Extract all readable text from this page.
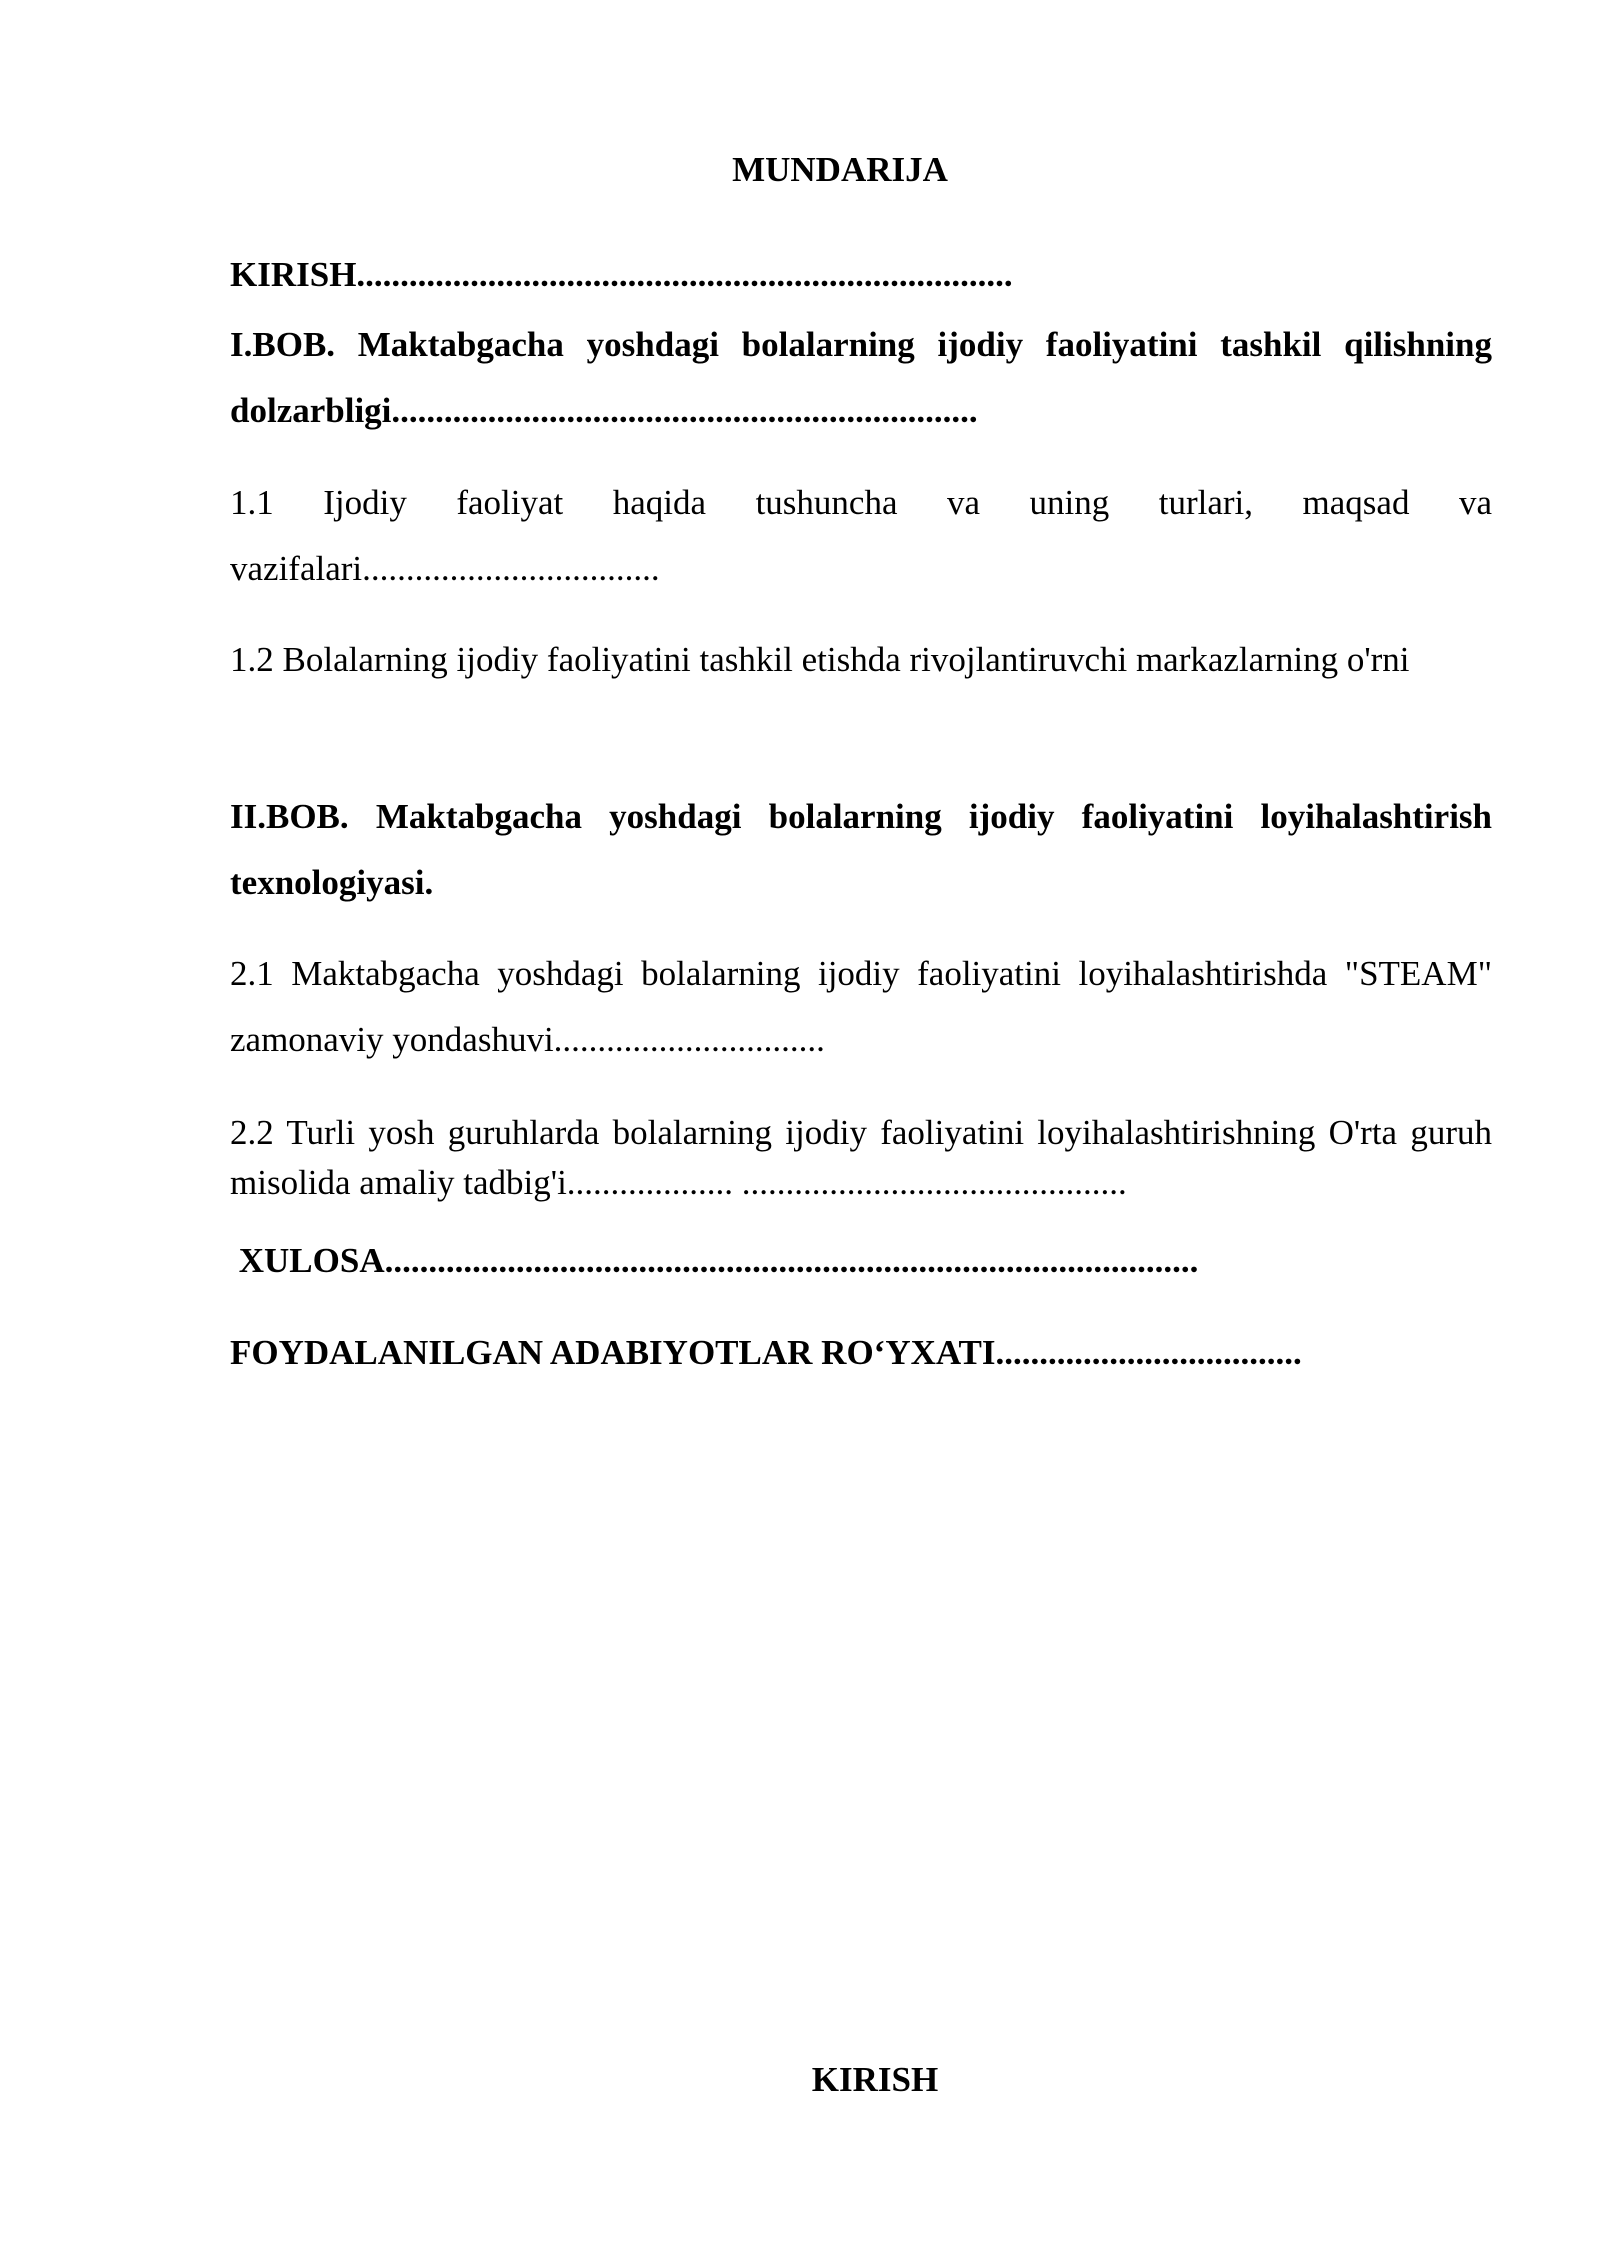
MUNDARIJA

KIRISH...........................................................................

I.BOB. Maktabgacha yoshdagi bolalarning ijodiy faoliyatini tashkil qilishning dolzarbligi...................................................................

1.1 Ijodiy faoliyat haqida tushuncha va uning turlari, maqsad va vazifalari..................................

1.2 Bolalarning ijodiy faoliyatini tashkil etishda rivojlantiruvchi markazlarning o'rni

II.BOB. Maktabgacha yoshdagi bolalarning ijodiy faoliyatini loyihalashtirish texnologiyasi.

2.1 Maktabgacha yoshdagi bolalarning ijodiy faoliyatini loyihalashtirishda "STEAM" zamonaviy yondashuvi...............................

2.2 Turli yosh guruhlarda bolalarning ijodiy faoliyatini loyihalashtirishning O'rta guruh misolida amaliy tadbig'i................... ............................................

XULOSA.............................................................................................

FOYDALANILGAN ADABIYOTLAR RO‘YXATI...................................

KIRISH
